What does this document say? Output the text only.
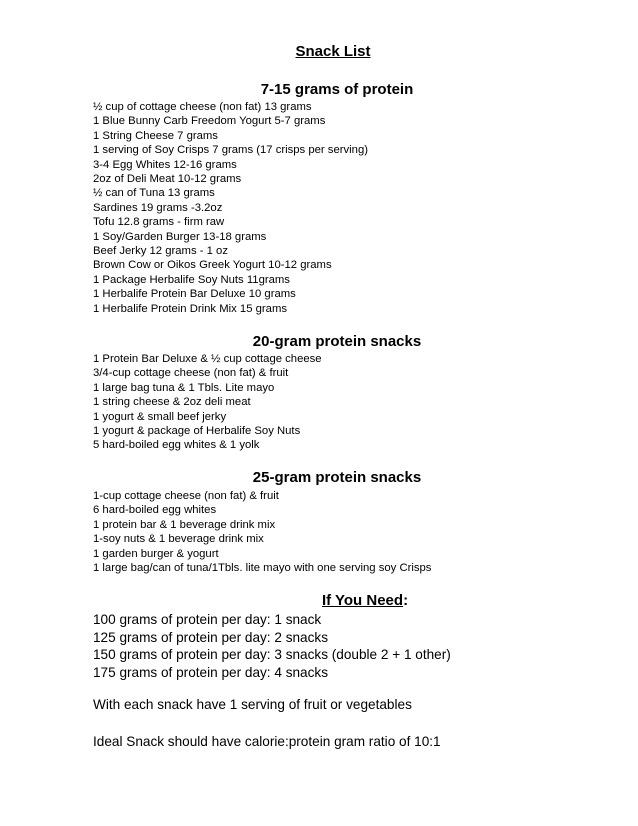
Snack List
7-15 grams of protein
½ cup of cottage cheese (non fat) 13 grams
1 Blue Bunny Carb Freedom Yogurt 5-7 grams
1 String Cheese 7 grams
1 serving of Soy Crisps 7 grams (17 crisps per serving)
3-4 Egg Whites 12-16 grams
2oz of Deli Meat 10-12 grams
½ can of Tuna 13 grams
Sardines 19 grams -3.2oz
Tofu 12.8 grams - firm raw
1 Soy/Garden Burger 13-18 grams
Beef Jerky 12 grams - 1 oz
Brown Cow or Oikos Greek Yogurt 10-12 grams
1 Package Herbalife Soy Nuts 11grams
1 Herbalife Protein Bar Deluxe 10 grams
1 Herbalife Protein Drink Mix 15 grams
20-gram protein snacks
1 Protein Bar Deluxe & ½ cup cottage cheese
3/4-cup cottage cheese (non fat) & fruit
1 large bag tuna & 1 Tbls. Lite mayo
1 string cheese & 2oz deli meat
1 yogurt & small beef jerky
1 yogurt & package of Herbalife Soy Nuts
5 hard-boiled egg whites & 1 yolk
25-gram protein snacks
1-cup cottage cheese (non fat) & fruit
6 hard-boiled egg whites
1 protein bar & 1 beverage drink mix
1-soy nuts & 1 beverage drink mix
1 garden burger & yogurt
1 large bag/can of tuna/1Tbls. lite mayo with one serving soy Crisps
If You Need:
100 grams of protein per day: 1 snack
125 grams of protein per day: 2 snacks
150 grams of protein per day: 3 snacks (double 2 + 1 other)
175 grams of protein per day: 4 snacks
With each snack have 1 serving of fruit or vegetables
Ideal Snack should have calorie:protein gram ratio of 10:1
